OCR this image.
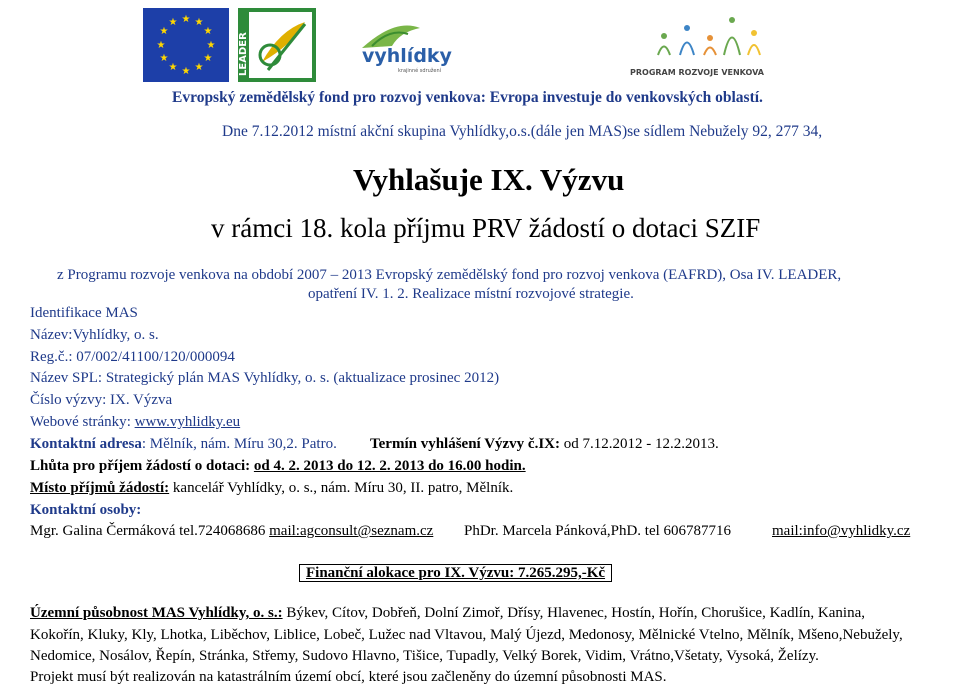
★ ★
★
★
★
★
★
★
★
★
★
★
LEADER	vyhlídky
krajinné sdružení	PROGRAM ROZVOJE VENKOVA
Evropský zemědělský fond pro rozvoj venkova: Evropa investuje do venkovských oblastí.
Dne 7.12.2012 místní akční skupina Vyhlídky,o.s.(dále jen MAS)se sídlem Nebužely 92, 277 34,
Vyhlašuje IX. Výzvu
v rámci 18. kola příjmu PRV žádostí o dotaci SZIF
z Programu rozvoje venkova na období 2007 – 2013 Evropský zemědělský fond pro rozvoj venkova (EAFRD), Osa IV. LEADER,
opatření IV. 1. 2. Realizace místní rozvojové strategie.
Identifikace MAS
Název:Vyhlídky, o. s.
Reg.č.: 07/002/41100/120/000094
Název SPL: Strategický plán MAS Vyhlídky, o. s. (aktualizace prosinec 2012)
Číslo výzvy: IX. Výzva
Webové stránky: www.vyhlidky.eu
Kontaktní adresa: Mělník, nám. Míru 30,2. Patro. Termín vyhlášení Výzvy č.IX: od 7.12.2012 - 12.2.2013.
Lhůta pro příjem žádostí o dotaci: od 4. 2. 2013 do 12. 2. 2013 do 16.00 hodin.
Místo příjmů žádostí: kancelář Vyhlídky, o. s., nám. Míru 30, II. patro, Mělník.
Kontaktní osoby:
Mgr. Galina Čermáková tel.724068686 mail:agconsult@seznam.cz PhDr. Marcela Pánková,PhD. tel 606787716	mail:info@vyhlidky.cz
Finanční alokace pro IX. Výzvu: 7.265.295,-Kč
Územní působnost MAS Vyhlídky, o. s.: Býkev, Cítov, Dobřeň, Dolní Zimoř, Dřísy, Hlavenec, Hostín, Hořín, Chorušice, Kadlín, Kanina,
Kokořín, Kluky, Kly, Lhotka, Liběchov, Liblice, Lobeč, Lužec nad Vltavou, Malý Újezd, Medonosy, Mělnické Vtelno, Mělník, Mšeno,Nebužely,
Nedomice, Nosálov, Řepín, Stránka, Střemy, Sudovo Hlavno, Tišice, Tupadly, Velký Borek, Vidim, Vrátno,Všetaty, Vysoká, Želízy.
Projekt musí být realizován na katastrálním území obcí, které jsou začleněny do územní působnosti MAS.
